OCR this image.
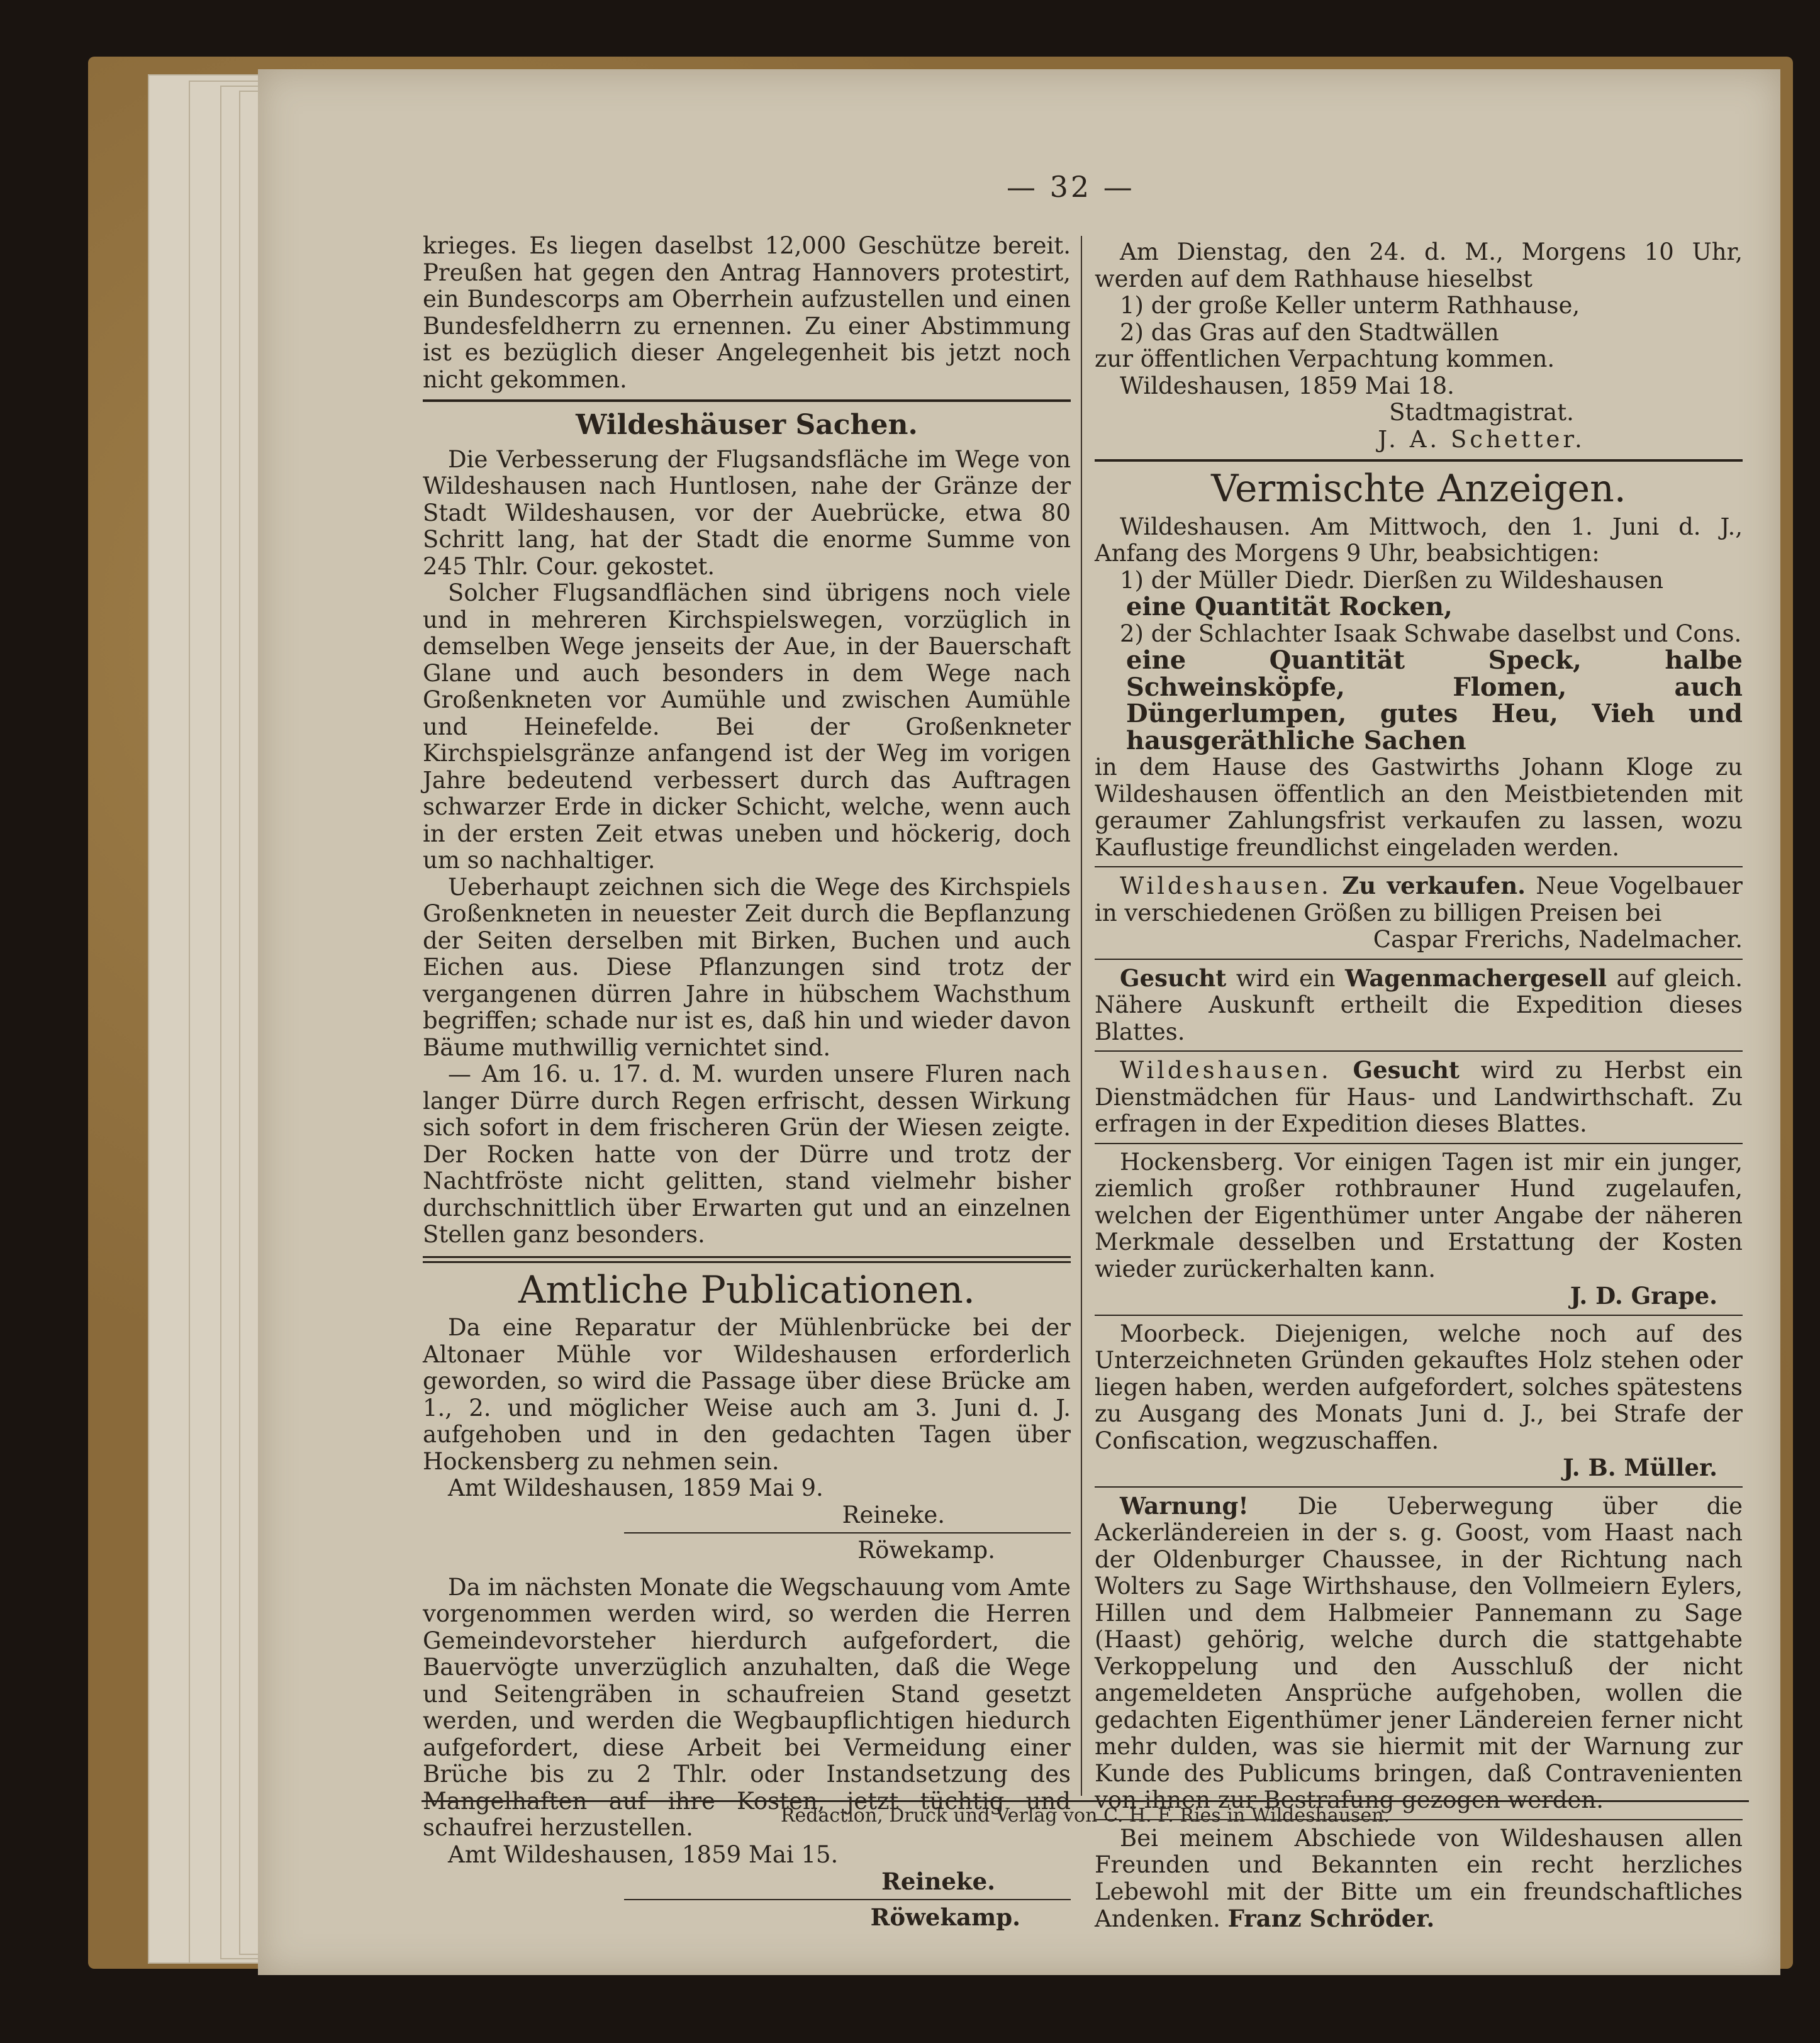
— 32 —

krieges. Es liegen daselbst 12,000 Geschütze bereit. Preußen hat gegen den Antrag Hannovers protestirt, ein Bundescorps am Oberrhein aufzustellen und einen Bundesfeldherrn zu ernennen. Zu einer Abstimmung ist es bezüglich dieser Angelegenheit bis jetzt noch nicht gekommen.

Wildeshäuser Sachen.

Die Verbesserung der Flugsandsfläche im Wege von Wildeshausen nach Huntlosen, nahe der Gränze der Stadt Wildeshausen, vor der Auebrücke, etwa 80 Schritt lang, hat der Stadt die enorme Summe von 245 Thlr. Cour. gekostet.

Solcher Flugsandflächen sind übrigens noch viele und in mehreren Kirchspielswegen, vorzüglich in demselben Wege jenseits der Aue, in der Bauerschaft Glane und auch besonders in dem Wege nach Großenkneten vor Aumühle und zwischen Aumühle und Heinefelde. Bei der Großenkneter Kirchspielsgränze anfangend ist der Weg im vorigen Jahre bedeutend verbessert durch das Auftragen schwarzer Erde in dicker Schicht, welche, wenn auch in der ersten Zeit etwas uneben und höckerig, doch um so nachhaltiger.

Ueberhaupt zeichnen sich die Wege des Kirchspiels Großenkneten in neuester Zeit durch die Bepflanzung der Seiten derselben mit Birken, Buchen und auch Eichen aus. Diese Pflanzungen sind trotz der vergangenen dürren Jahre in hübschem Wachsthum begriffen; schade nur ist es, daß hin und wieder davon Bäume muthwillig vernichtet sind.

— Am 16. u. 17. d. M. wurden unsere Fluren nach langer Dürre durch Regen erfrischt, dessen Wirkung sich sofort in dem frischeren Grün der Wiesen zeigte. Der Rocken hatte von der Dürre und trotz der Nachtfröste nicht gelitten, stand vielmehr bisher durchschnittlich über Erwarten gut und an einzelnen Stellen ganz besonders.

Amtliche Publicationen.

Da eine Reparatur der Mühlenbrücke bei der Altonaer Mühle vor Wildeshausen erforderlich geworden, so wird die Passage über diese Brücke am 1., 2. und möglicher Weise auch am 3. Juni d. J. aufgehoben und in den gedachten Tagen über Hockensberg zu nehmen sein.

Amt Wildeshausen, 1859 Mai 9.

Reineke.

Röwekamp.

Da im nächsten Monate die Wegschauung vom Amte vorgenommen werden wird, so werden die Herren Gemeindevorsteher hierdurch aufgefordert, die Bauervögte unverzüglich anzuhalten, daß die Wege und Seitengräben in schaufreien Stand gesetzt werden, und werden die Wegbaupflichtigen hiedurch aufgefordert, diese Arbeit bei Vermeidung einer Brüche bis zu 2 Thlr. oder Instandsetzung des Mangelhaften auf ihre Kosten, jetzt tüchtig und schaufrei herzustellen.

Amt Wildeshausen, 1859 Mai 15.

Reineke.

Röwekamp.

Am Dienstag, den 24. d. M., Morgens 10 Uhr, werden auf dem Rathhause hieselbst

1) der große Keller unterm Rathhause,

2) das Gras auf den Stadtwällen

zur öffentlichen Verpachtung kommen.

Wildeshausen, 1859 Mai 18.

Stadtmagistrat.

J. A. Schetter.

Vermischte Anzeigen.

Wildeshausen. Am Mittwoch, den 1. Juni d. J., Anfang des Morgens 9 Uhr, beabsichtigen:

1) der Müller Diedr. Dierßen zu Wildeshausen

eine Quantität Rocken,

2) der Schlachter Isaak Schwabe daselbst und Cons.

eine Quantität Speck, halbe Schweinsköpfe, Flomen, auch Düngerlumpen, gutes Heu, Vieh und hausgeräthliche Sachen

in dem Hause des Gastwirths Johann Kloge zu Wildeshausen öffentlich an den Meistbietenden mit geraumer Zahlungsfrist verkaufen zu lassen, wozu Kauflustige freundlichst eingeladen werden.

Wildeshausen. Zu verkaufen. Neue Vogelbauer in verschiedenen Größen zu billigen Preisen bei

Caspar Frerichs, Nadelmacher.

Gesucht wird ein Wagenmachergesell auf gleich. Nähere Auskunft ertheilt die Expedition dieses Blattes.

Wildeshausen. Gesucht wird zu Herbst ein Dienstmädchen für Haus- und Landwirthschaft. Zu erfragen in der Expedition dieses Blattes.

Hockensberg. Vor einigen Tagen ist mir ein junger, ziemlich großer rothbrauner Hund zugelaufen, welchen der Eigenthümer unter Angabe der näheren Merkmale desselben und Erstattung der Kosten wieder zurückerhalten kann.

J. D. Grape.

Moorbeck. Diejenigen, welche noch auf des Unterzeichneten Gründen gekauftes Holz stehen oder liegen haben, werden aufgefordert, solches spätestens zu Ausgang des Monats Juni d. J., bei Strafe der Confiscation, wegzuschaffen.

J. B. Müller.

Warnung! Die Ueberwegung über die Ackerländereien in der s. g. Goost, vom Haast nach der Oldenburger Chaussee, in der Richtung nach Wolters zu Sage Wirthshause, den Vollmeiern Eylers, Hillen und dem Halbmeier Pannemann zu Sage (Haast) gehörig, welche durch die stattgehabte Verkoppelung und den Ausschluß der nicht angemeldeten Ansprüche aufgehoben, wollen die gedachten Eigenthümer jener Ländereien ferner nicht mehr dulden, was sie hiermit mit der Warnung zur Kunde des Publicums bringen, daß Contravenienten von ihnen zur Bestrafung gezogen werden.

Bei meinem Abschiede von Wildeshausen allen Freunden und Bekannten ein recht herzliches Lebewohl mit der Bitte um ein freundschaftliches Andenken. Franz Schröder.

Redaction, Druck und Verlag von C. H. F. Ries in Wildeshausen.
